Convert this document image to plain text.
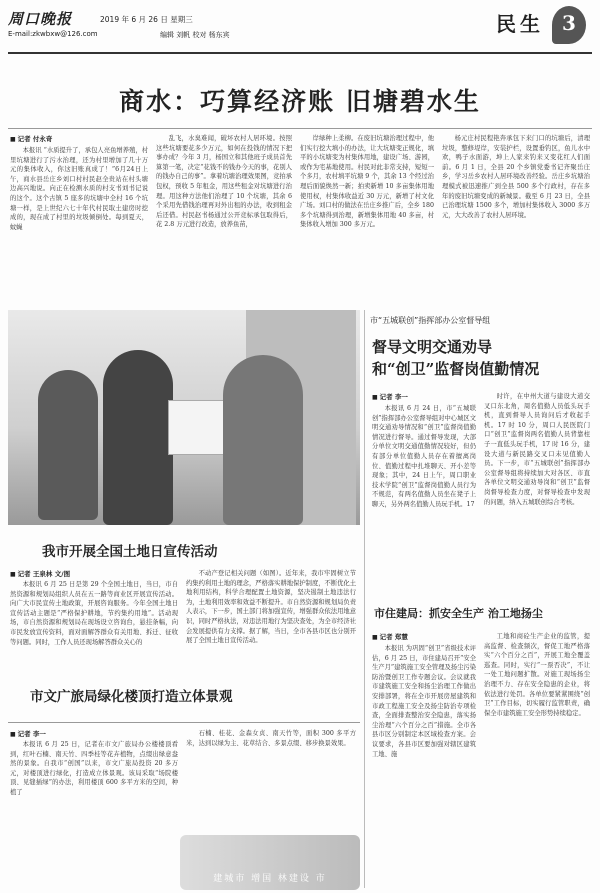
周口晚报
E-mail:zkwbxw@126.com
2019 年 6 月 26 日 星期三
编辑 刘帆 校对 杨东宾	民生 3
商水：巧算经济账 旧塘碧水生
■ 记者 付永奇

本报讯 “水质提升了，承包人亮鱼增养殖，村里坑塘进行了污水治理，还为村里增加了几十万元的集体收入，你这旧账真成了！”6月24日上午，商水县岳庄乡刘口村村民赵全贵站在村头塘边高兴地说。向正在检测水质的村支书刘书记说的这个。这个古镇 5 座多的坑塘中全村 16 个坑塘一样，是上世纪六七十年代村民取土建房时挖成的，现在成了村里的垃圾倾倒处。每到夏天，蚊蝇

乱飞，水臭难闻，破坏农村人居环境。按照这些坑塘要花多少万元，如何在投钱的情况下把事办成？今年 3 月，杨国立和其他班子成员首先算第一笔，决定“花钱不的钱办今天的事，花别人的钱办自己的事”。拿着坑塘治理效果图，竞拍承包权，预收 5 年租金，用这些租金对坑塘进行治理。用这种方法他们治理了 10 个坑塘，其余 6 个采用先借钱治理再对外出租的办法，收到租金后还借。村民赵书杨通过公开竞标承包取得后，花 2.8 万元进行改造，放养鱼苗，

岸绿种上柔柳。在废旧坑塘治理过程中，他们实行挖大填小的办法，让大坑塘变正规化，填平的小坑塘变为村集体用地，建设广场、游园，或作为宅基地使用。村民对此非常支持，短短一个多月，农村填平坑塘 9 个，其余 13 个经过治理后面貌焕然一新；拍卖新增 10 多亩集体用地使用权，村集体收益近 30 万元，新增了村文化广场。刘口村的做法在岳庄乡推广后，全乡 180 多个坑塘得到治理，新增集体用地 40 多亩，村集体收入增加 300 多万元。

杨元庄村民程艳奔承包下来门口的坑塘后，清理垃圾，整修堤岸，安装护栏，设置垂钓区，鱼儿水中欢，鸭子水面游，坤上人家来钓来又变花红人们面前。6 月 1 日，全县 20 个乡镇党委书记齐聚岳庄乡，学习岳乡农村人居环境改善经验。岳庄乡坑塘治理模式被迅速推广到全县 500 多个行政村，存在多年的废旧坑塘变成的新城景。截至 6 月 23 日，全县已治理坑塘 1500 多个，增加村集体收入 3000 多万元，大大改善了农村人居环境。

我市开展全国土地日宣传活动
■ 记者 王泉林 文/图

本报讯 6 月 25 日是第 29 个全国土地日，当日，市自然资源和规划局组织人员在五一路等商业区开展宣传活动。向广大市民宣传土地政策，开展咨询服务。今年全国土地日宣传活动主题是“严格保护耕地，节约集约用地”。活动现场，市自然资源和规划局在现场设立咨询台，悬挂条幅，向市民发放宣传资料，面对面解答群众有关用地、拆迁、征收等问题。同时，工作人员还现场解答群众关心的

不动产登记相关问题（如图）。近年来，我市牢固树立节约集约利用土地的理念，严格落实耕地保护制度，不断优化土地利用结构，科学合理配置土地资源，坚决遏制土地违法行为，土地利用效率和效益不断提升。市自然资源和规划局负责人表示，下一步，国土部门将加强宣传，增强群众依法用地意识，同时严格执法，对违法用地行为坚决查处，为全市经济社会发展提供有力支撑。据了解，当日，全市各县市区也分别开展了全国土地日宣传活动。

市文广旅局绿化楼顶打造立体景观
■ 记者 李一

本报讯 6 月 25 日，记者在市文广旅局办公楼楼顶看到，红叶石楠、南天竹、四季桂等花卉植物，点缀出绿意盎然的景象。自我市“创国”以来，市文广旅局投资 20 多万元，对楼顶进行绿化，打造成立体景观。该局采取“场院楼顶、见缝插绿”的办法，利用楼顶 600 多平方米的空间，种植了

石楠、桂花、金森女贞、南天竹等，面积 300 多平方米，达到以绿为主、花草结合、多景点缀、移步换景效果。

建城市 增国 林建设 市
市“五城联创”指挥部办公室督导组
督导文明交通劝导
和“创卫”监督岗值勤情况
■ 记者 李一

本报讯 6 月 24 日，市“五城联创”指挥部办公室督导组对中心城区文明交通劝导情况和“创卫”监督岗值勤情况进行督导。通过督导发现，大部分单位文明交通值勤情况较好，但仍有部分单位值勤人员存在着擅离岗位、值勤过程中扎堆聊天、开小差等现象；其中，24 日上午，周口职业技术学院“创卫”监督岗值勤人员行为不规范，有两名值勤人员坐在凳子上聊天，另外两名值勤人员玩手机。17

时许，在中州大道与建设大道交叉口东北角，周名值勤人员低头玩手机，直到督导人员询问后才收起手机。17 时 10 分，周口人民医院门口“创卫”监督岗两名值勤人员背靠柱子一直低头玩手机，17 时 16 分，建设大道与新民路交叉口未见值勤人员。下一步，市“五城联创”指挥部办公室督导组将持续加大对各区、市直各单位文明交通劝导岗和“创卫”监督岗督导检查力度，对督导检查中发现的问题，纳入五城联创综合考核。

市住建局：抓安全生产 治工地扬尘
■ 记者 郑慧

本报讯 为巩固“创卫”省级技术评估，6 月 25 日，市住建局召开“安全生产月”建筑施工安全管理及扬尘污染防治暨创卫工作专题会议。会议就我市建筑施工安全和扬尘治理工作做出安排部署，将在全市开展房屋建筑和市政工程施工安全及扬尘防治专项检查，全面排查整治安全隐患，落实扬尘治理“六个百分之百”措施。全市各县市区分别制定本区域检查方案。会议要求，各县市区要加强对辖区建筑工地、施

工地和商砼生产企业的监管，提高监督、检查频次，督促工地严格落实“六个百分之百”，开展工地全覆盖巡查。同时，实行“一票否决”，不让一处工地问题扩散。对施工现场扬尘治理不力、存在安全隐患的企业，将依法进行处罚。各单位要紧紧围绕“创卫”工作目标，切实履行监管职责，确保全市建筑施工安全形势持续稳定。
